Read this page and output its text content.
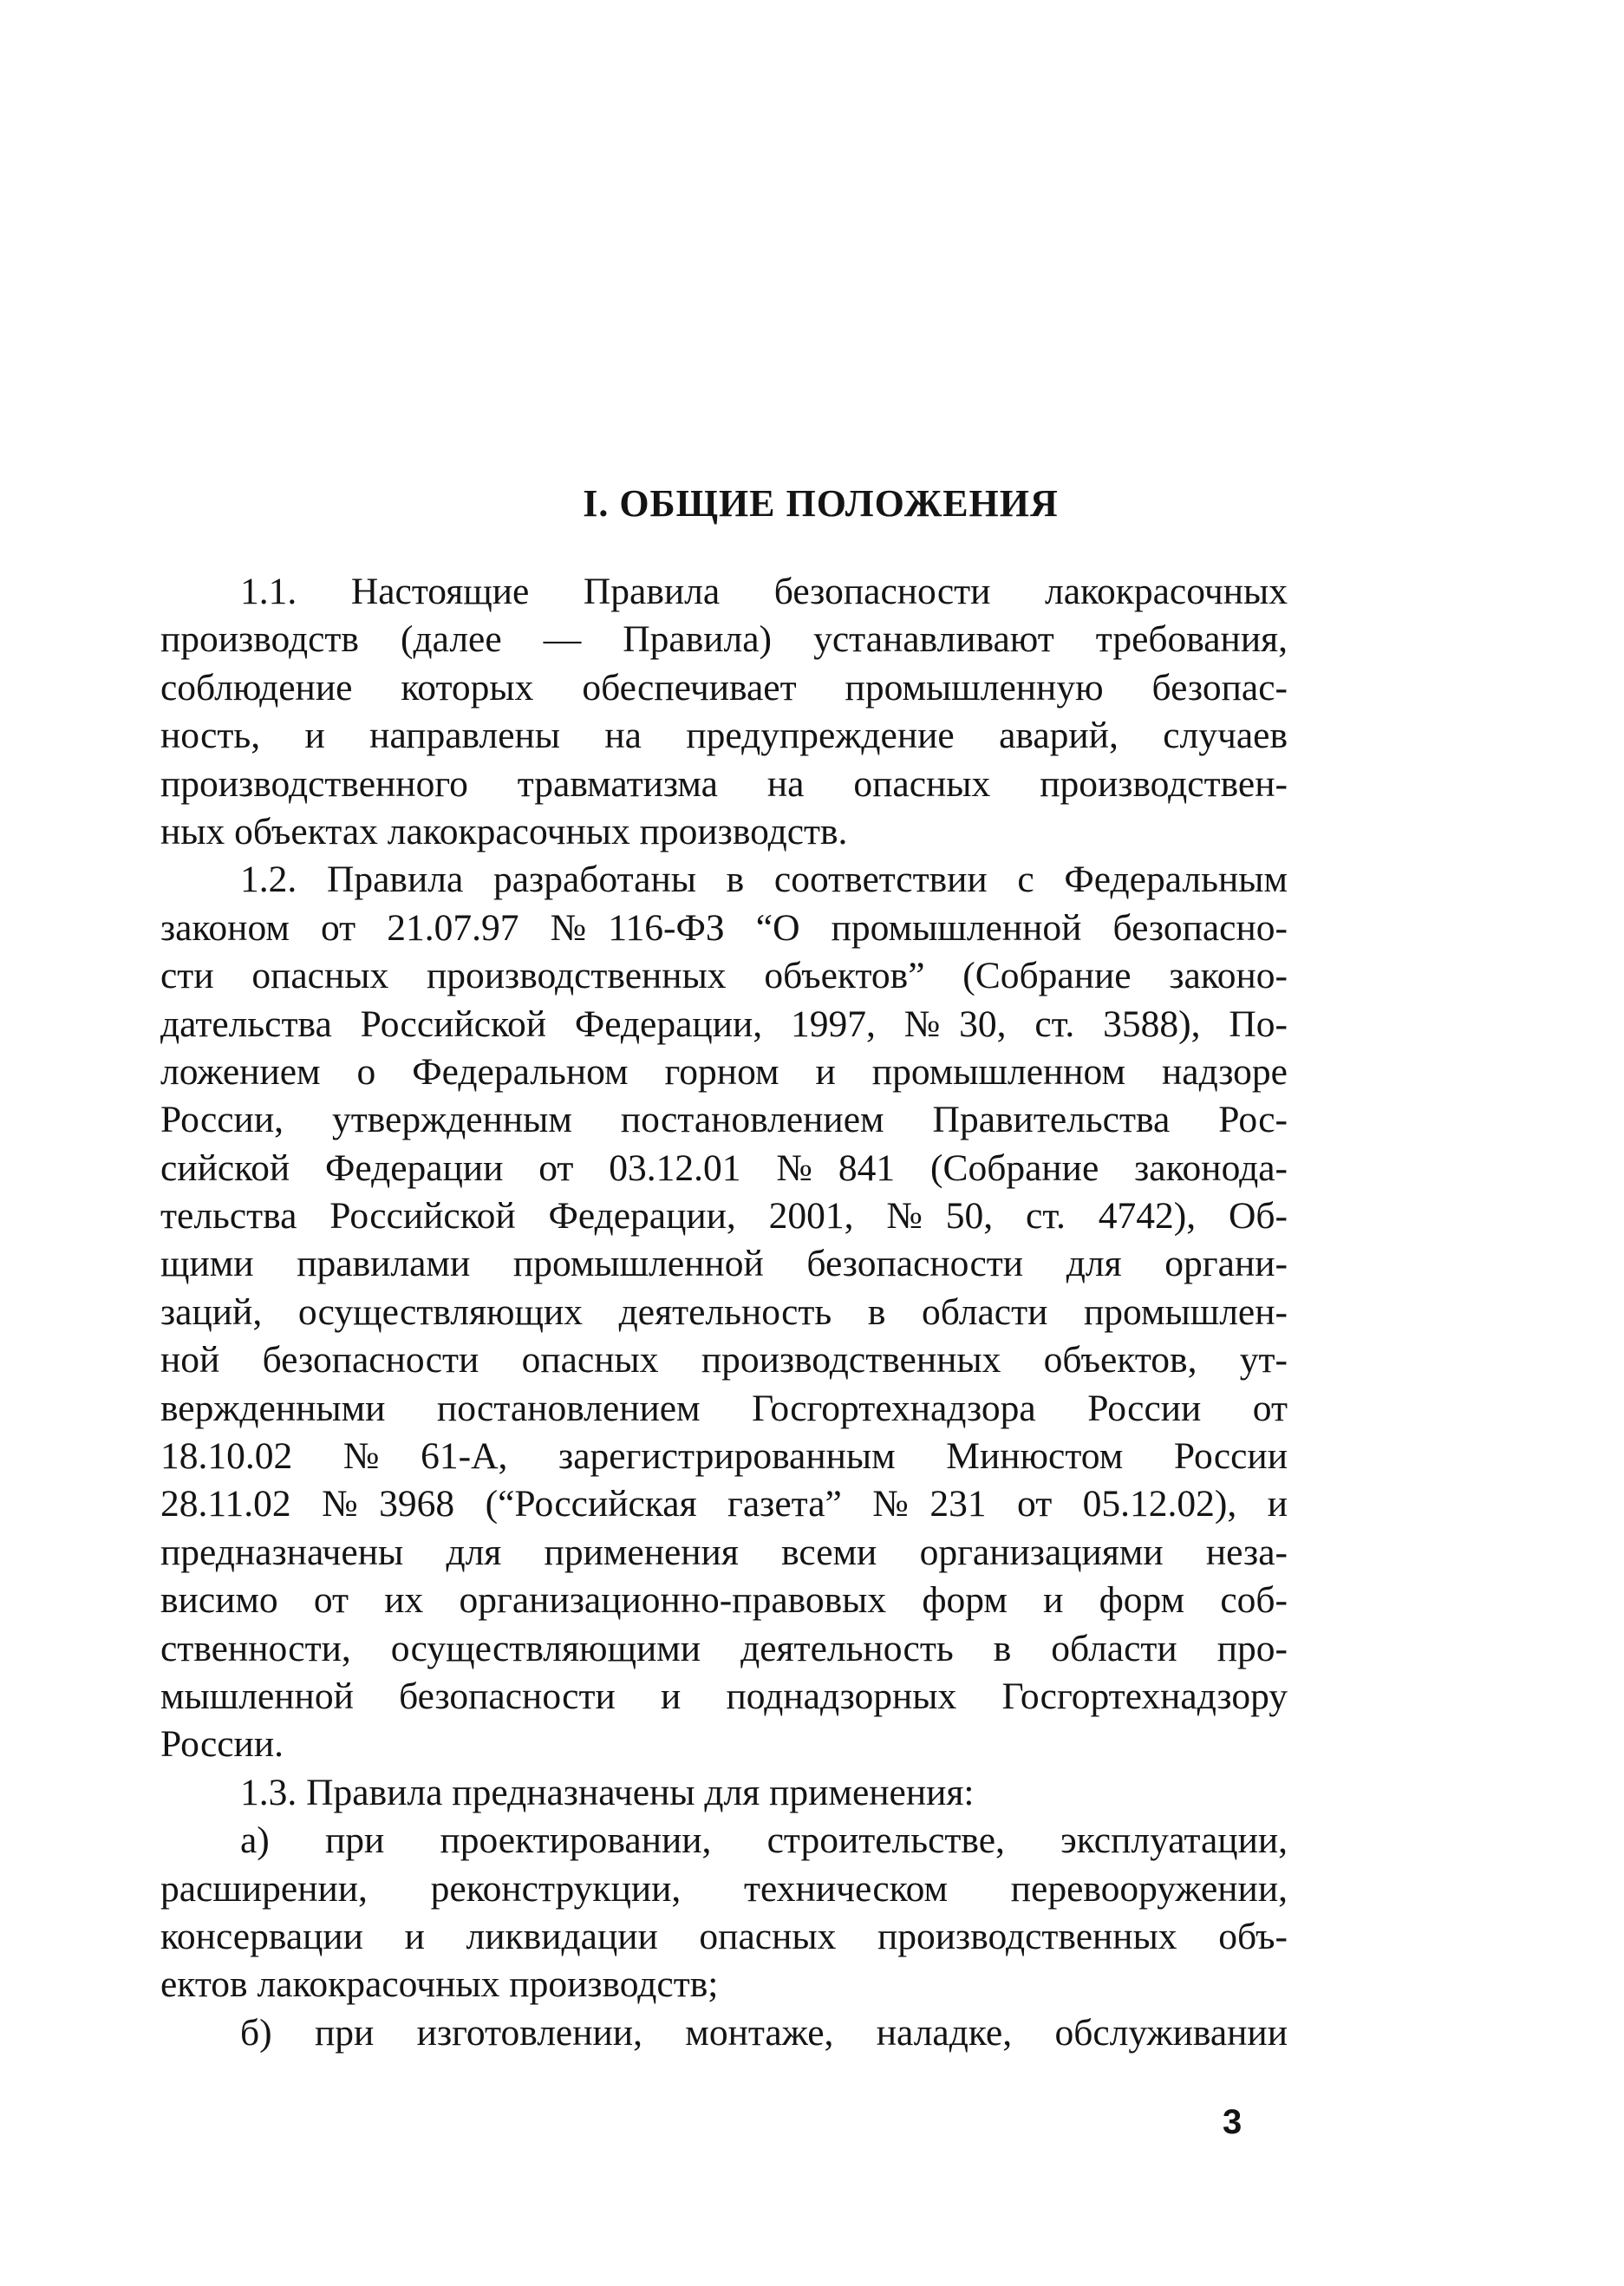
I. ОБЩИЕ ПОЛОЖЕНИЯ
1.1. Настоящие Правила безопасности лакокрасочных
производств (далее — Правила) устанавливают требования,
соблюдение которых обеспечивает промышленную безопас-
ность, и направлены на предупреждение аварий, случаев
производственного травматизма на опасных производствен-
ных объектах лакокрасочных производств.
1.2. Правила разработаны в соответствии с Федеральным
законом от 21.07.97 №116-ФЗ “О промышленной безопасно-
сти опасных производственных объектов” (Собрание законо-
дательства Российской Федерации, 1997, №30, ст. 3588), По-
ложением о Федеральном горном и промышленном надзоре
России, утвержденным постановлением Правительства Рос-
сийской Федерации от 03.12.01 №841 (Собрание законода-
тельства Российской Федерации, 2001, №50, ст. 4742), Об-
щими правилами промышленной безопасности для органи-
заций, осуществляющих деятельность в области промышлен-
ной безопасности опасных производственных объектов, ут-
вержденными постановлением Госгортехнадзора России от
18.10.02 №61-А, зарегистрированным Минюстом России
28.11.02 №3968 (“Российская газета” №231 от 05.12.02), и
предназначены для применения всеми организациями неза-
висимо от их организационно-правовых форм и форм соб-
ственности, осуществляющими деятельность в области про-
мышленной безопасности и поднадзорных Госгортехнадзору
России.
1.3. Правила предназначены для применения:
а) при проектировании, строительстве, эксплуатации,
расширении, реконструкции, техническом перевооружении,
консервации и ликвидации опасных производственных объ-
ектов лакокрасочных производств;
б) при изготовлении, монтаже, наладке, обслуживании
3
